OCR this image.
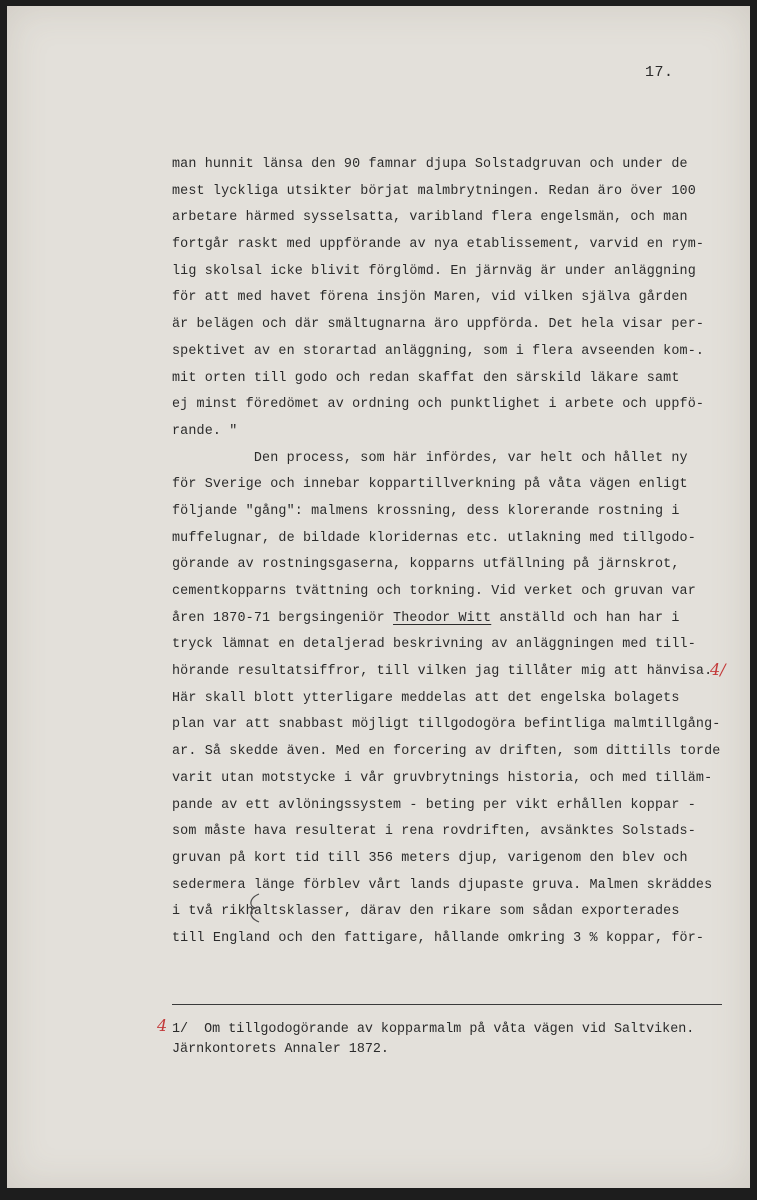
17.
man hunnit länsa den 90 famnar djupa Solstadgruvan och under de
mest lyckliga utsikter börjat malmbrytningen. Redan äro över 100
arbetare härmed sysselsatta, varibland flera engelsmän, och man
fortgår raskt med uppförande av nya etablissement, varvid en rym-
lig skolsal icke blivit förglömd. En järnväg är under anläggning
för att med havet förena insjön Maren, vid vilken själva gården
är belägen och där smältugnarna äro uppförda. Det hela visar per-
spektivet av en storartad anläggning, som i flera avseenden kom-.
mit orten till godo och redan skaffat den särskild läkare samt
ej minst föredömet av ordning och punktlighet i arbete och uppfö-
rande. "
Den process, som här infördes, var helt och hållet ny
för Sverige och innebar koppartillverkning på våta vägen enligt
följande "gång": malmens krossning, dess klorerande rostning i
muffelugnar, de bildade kloridernas etc. utlakning med tillgodo-
görande av rostningsgaserna, kopparns utfällning på järnskrot,
cementkopparns tvättning och torkning. Vid verket och gruvan var
åren 1870-71 bergsingeniör Theodor Witt anställd och han har i
tryck lämnat en detaljerad beskrivning av anläggningen med till-
hörande resultatsiffror, till vilken jag tillåter mig att hänvisa.
Här skall blott ytterligare meddelas att det engelska bolagets
plan var att snabbast möjligt tillgodogöra befintliga malmtillgång-
ar. Så skedde även. Med en forcering av driften, som dittills torde
varit utan motstycke i vår gruvbrytnings historia, och med tilläm-
pande av ett avlöningssystem - beting per vikt erhållen koppar -
som måste hava resulterat i rena rovdriften, avsänktes Solstads-
gruvan på kort tid till 356 meters djup, varigenom den blev och
sedermera länge förblev vårt lands djupaste gruva. Malmen skräddes
i två rikhaltsklasser, därav den rikare som sådan exporterades
till England och den fattigare, hållande omkring 3 % koppar, för-
4/
4 1/  Om tillgodogörande av kopparmalm på våta vägen vid Saltviken.
Järnkontorets Annaler 1872.
